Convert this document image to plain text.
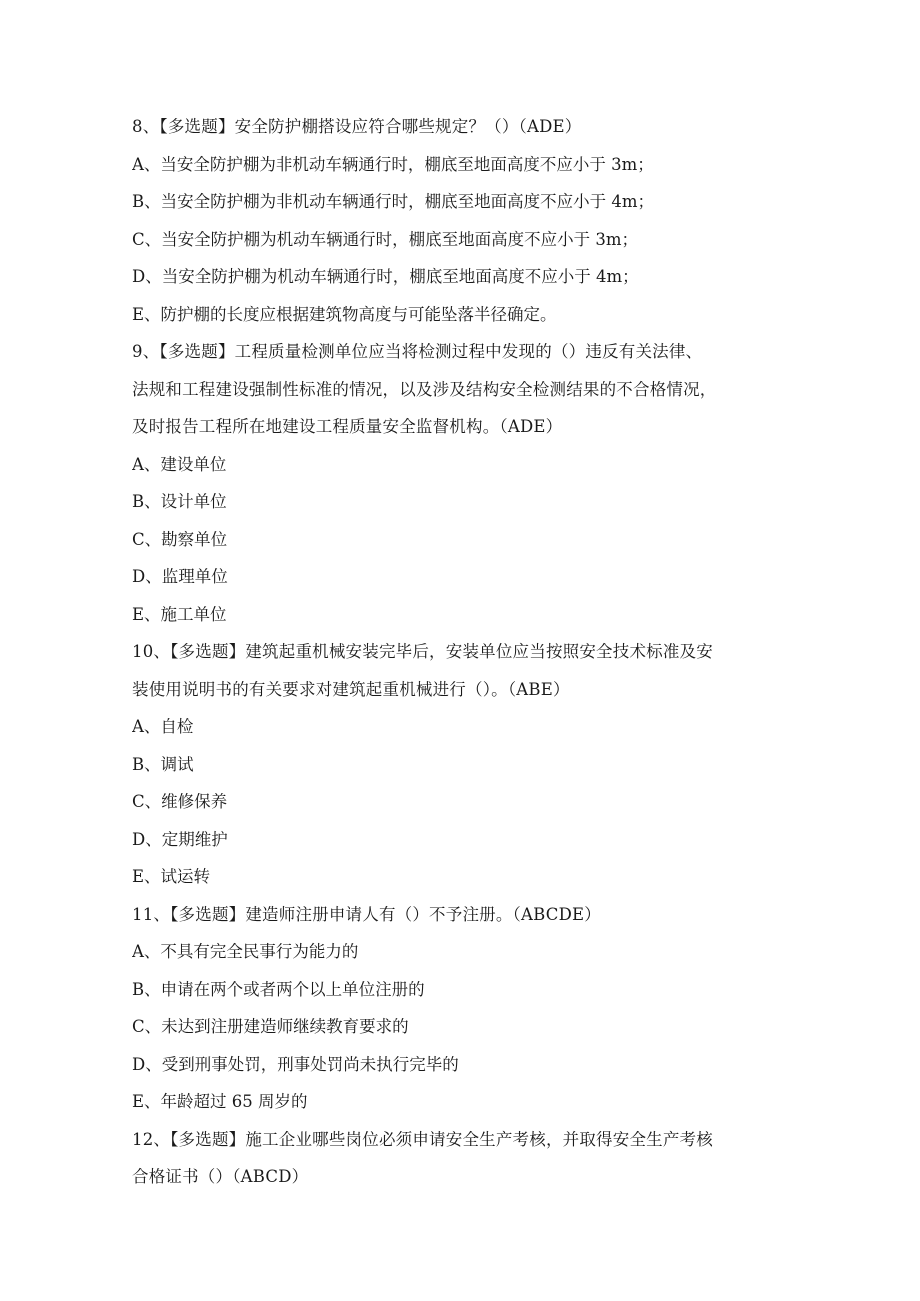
8、【多选题】安全防护棚搭设应符合哪些规定？（）（ADE）
A、当安全防护棚为非机动车辆通行时，棚底至地面高度不应小于 3m；
B、当安全防护棚为非机动车辆通行时，棚底至地面高度不应小于 4m；
C、当安全防护棚为机动车辆通行时，棚底至地面高度不应小于 3m；
D、当安全防护棚为机动车辆通行时，棚底至地面高度不应小于 4m；
E、防护棚的长度应根据建筑物高度与可能坠落半径确定。
9、【多选题】工程质量检测单位应当将检测过程中发现的（）违反有关法律、
法规和工程建设强制性标准的情况，以及涉及结构安全检测结果的不合格情况，
及时报告工程所在地建设工程质量安全监督机构。（ADE）
A、建设单位
B、设计单位
C、勘察单位
D、监理单位
E、施工单位
10、【多选题】建筑起重机械安装完毕后，安装单位应当按照安全技术标准及安
装使用说明书的有关要求对建筑起重机械进行（）。（ABE）
A、自检
B、调试
C、维修保养
D、定期维护
E、试运转
11、【多选题】建造师注册申请人有（）不予注册。（ABCDE）
A、不具有完全民事行为能力的
B、申请在两个或者两个以上单位注册的
C、未达到注册建造师继续教育要求的
D、受到刑事处罚，刑事处罚尚未执行完毕的
E、年龄超过 65 周岁的
12、【多选题】施工企业哪些岗位必须申请安全生产考核，并取得安全生产考核
合格证书（）（ABCD）
